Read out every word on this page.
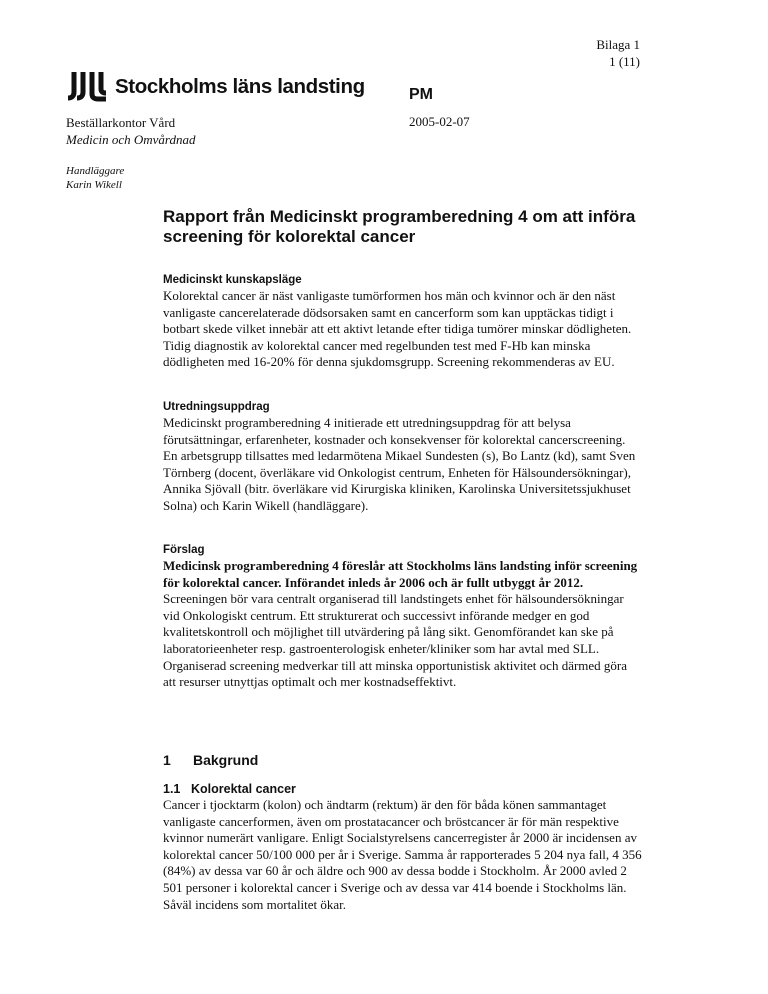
Bilaga 1
1 (11)
Stockholms läns landsting	PM
Beställarkontor Vård
Medicin och Omvårdnad
2005-02-07
Handläggare
Karin Wikell
Rapport från Medicinskt programberedning 4 om att införa screening för kolorektal cancer
Medicinskt kunskapsläge

Kolorektal cancer är näst vanligaste tumörformen hos män och kvinnor och är den näst vanligaste cancerelaterade dödsorsaken samt en cancerform som kan upptäckas tidigt i botbart skede vilket innebär att ett aktivt letande efter tidiga tumörer minskar dödligheten. Tidig diagnostik av kolorektal cancer med regelbunden test med F-Hb kan minska dödligheten med 16-20% för denna sjukdomsgrupp. Screening rekommenderas av EU.

Utredningsuppdrag

Medicinskt programberedning 4 initierade ett utredningsuppdrag för att belysa förutsättningar, erfarenheter, kostnader och konsekvenser för kolorektal cancerscreening. En arbetsgrupp tillsattes med ledarmötena Mikael Sundesten (s), Bo Lantz (kd), samt Sven Törnberg (docent, överläkare vid Onkologist centrum, Enheten för Hälsoundersökningar), Annika Sjövall (bitr. överläkare vid Kirurgiska kliniken, Karolinska Universitetssjukhuset Solna) och Karin Wikell (handläggare).

Förslag

Medicinsk programberedning 4 föreslår att Stockholms läns landsting inför screening för kolorektal cancer. Införandet inleds år 2006 och är fullt utbyggt år 2012.

Screeningen bör vara centralt organiserad till landstingets enhet för hälsoundersökningar vid Onkologiskt centrum. Ett strukturerat och successivt införande medger en god kvalitetskontroll och möjlighet till utvärdering på lång sikt. Genomförandet kan ske på laboratorieenheter resp. gastroenterologisk enheter/kliniker som har avtal med SLL. Organiserad screening medverkar till att minska opportunistisk aktivitet och därmed göra att resurser utnyttjas optimalt och mer kostnadseffektivt.

1	Bakgrund
1.1 Kolorektal cancer

Cancer i tjocktarm (kolon) och ändtarm (rektum) är den för båda könen sammantaget vanligaste cancerformen, även om prostatacancer och bröstcancer är för män respektive kvinnor numerärt vanligare. Enligt Socialstyrelsens cancerregister år 2000 är incidensen av kolorektal cancer 50/100 000 per år i Sverige. Samma år rapporterades 5 204 nya fall, 4 356 (84%) av dessa var 60 år och äldre och 900 av dessa bodde i Stockholm. År 2000 avled 2 501 personer i kolorektal cancer i Sverige och av dessa var 414 boende i Stockholms län. Såväl incidens som mortalitet ökar.
